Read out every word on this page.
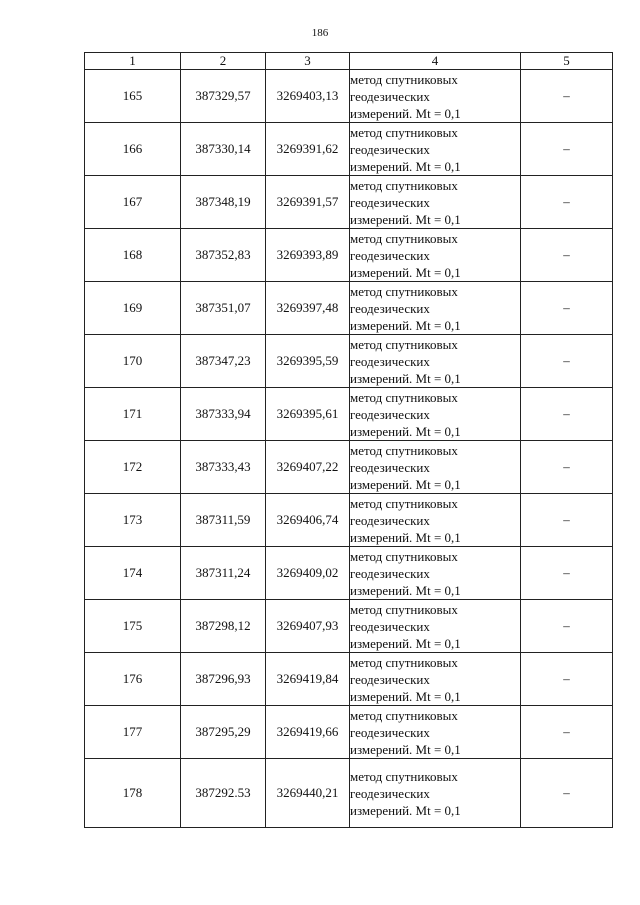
186
1	2	3	4	5
165	387329,57	3269403,13	метод спутниковых
геодезических
измерений. Mt = 0,1	–
166	387330,14	3269391,62	метод спутниковых
геодезических
измерений. Mt = 0,1	–
167	387348,19	3269391,57	метод спутниковых
геодезических
измерений. Mt = 0,1	–
168	387352,83	3269393,89	метод спутниковых
геодезических
измерений. Mt = 0,1	–
169	387351,07	3269397,48	метод спутниковых
геодезических
измерений. Mt = 0,1	–
170	387347,23	3269395,59	метод спутниковых
геодезических
измерений. Mt = 0,1	–
171	387333,94	3269395,61	метод спутниковых
геодезических
измерений. Mt = 0,1	–
172	387333,43	3269407,22	метод спутниковых
геодезических
измерений. Mt = 0,1	–
173	387311,59	3269406,74	метод спутниковых
геодезических
измерений. Mt = 0,1	–
174	387311,24	3269409,02	метод спутниковых
геодезических
измерений. Mt = 0,1	–
175	387298,12	3269407,93	метод спутниковых
геодезических
измерений. Mt = 0,1	–
176	387296,93	3269419,84	метод спутниковых
геодезических
измерений. Mt = 0,1	–
177	387295,29	3269419,66	метод спутниковых
геодезических
измерений. Mt = 0,1	–
178	387292.53	3269440,21	метод спутниковых
геодезических
измерений. Mt = 0,1	–
